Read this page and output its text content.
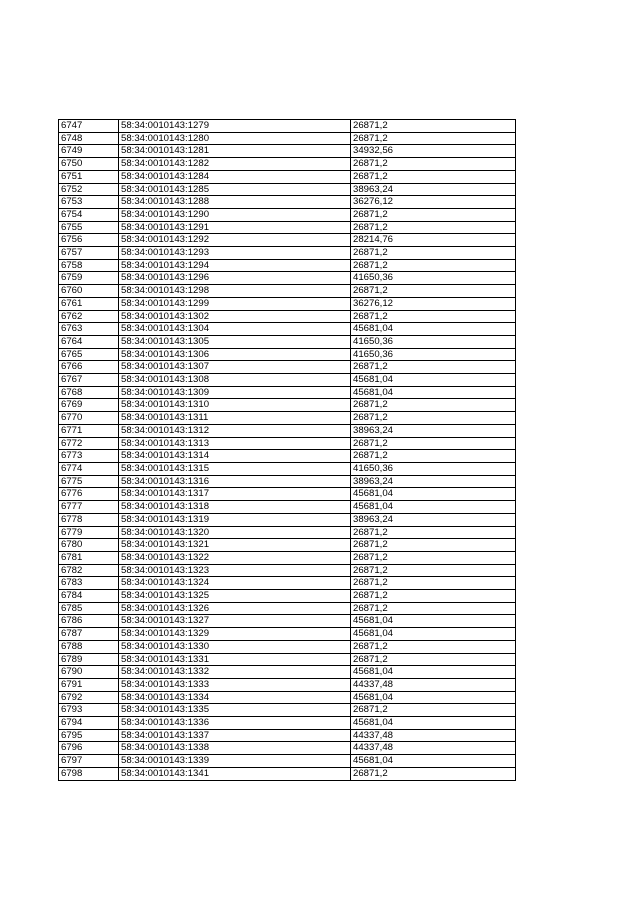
6747	58:34:0010143:1279	26871,2
6748	58:34:0010143:1280	26871,2
6749	58:34:0010143:1281	34932,56
6750	58:34:0010143:1282	26871,2
6751	58:34:0010143:1284	26871,2
6752	58:34:0010143:1285	38963,24
6753	58:34:0010143:1288	36276,12
6754	58:34:0010143:1290	26871,2
6755	58:34:0010143:1291	26871,2
6756	58:34:0010143:1292	28214,76
6757	58:34:0010143:1293	26871,2
6758	58:34:0010143:1294	26871,2
6759	58:34:0010143:1296	41650,36
6760	58:34:0010143:1298	26871,2
6761	58:34:0010143:1299	36276,12
6762	58:34:0010143:1302	26871,2
6763	58:34:0010143:1304	45681,04
6764	58:34:0010143:1305	41650,36
6765	58:34:0010143:1306	41650,36
6766	58:34:0010143:1307	26871,2
6767	58:34:0010143:1308	45681,04
6768	58:34:0010143:1309	45681,04
6769	58:34:0010143:1310	26871,2
6770	58:34:0010143:1311	26871,2
6771	58:34:0010143:1312	38963,24
6772	58:34:0010143:1313	26871,2
6773	58:34:0010143:1314	26871,2
6774	58:34:0010143:1315	41650,36
6775	58:34:0010143:1316	38963,24
6776	58:34:0010143:1317	45681,04
6777	58:34:0010143:1318	45681,04
6778	58:34:0010143:1319	38963,24
6779	58:34:0010143:1320	26871,2
6780	58:34:0010143:1321	26871,2
6781	58:34:0010143:1322	26871,2
6782	58:34:0010143:1323	26871,2
6783	58:34:0010143:1324	26871,2
6784	58:34:0010143:1325	26871,2
6785	58:34:0010143:1326	26871,2
6786	58:34:0010143:1327	45681,04
6787	58:34:0010143:1329	45681,04
6788	58:34:0010143:1330	26871,2
6789	58:34:0010143:1331	26871,2
6790	58:34:0010143:1332	45681,04
6791	58:34:0010143:1333	44337,48
6792	58:34:0010143:1334	45681,04
6793	58:34:0010143:1335	26871,2
6794	58:34:0010143:1336	45681,04
6795	58:34:0010143:1337	44337,48
6796	58:34:0010143:1338	44337,48
6797	58:34:0010143:1339	45681,04
6798	58:34:0010143:1341	26871,2
